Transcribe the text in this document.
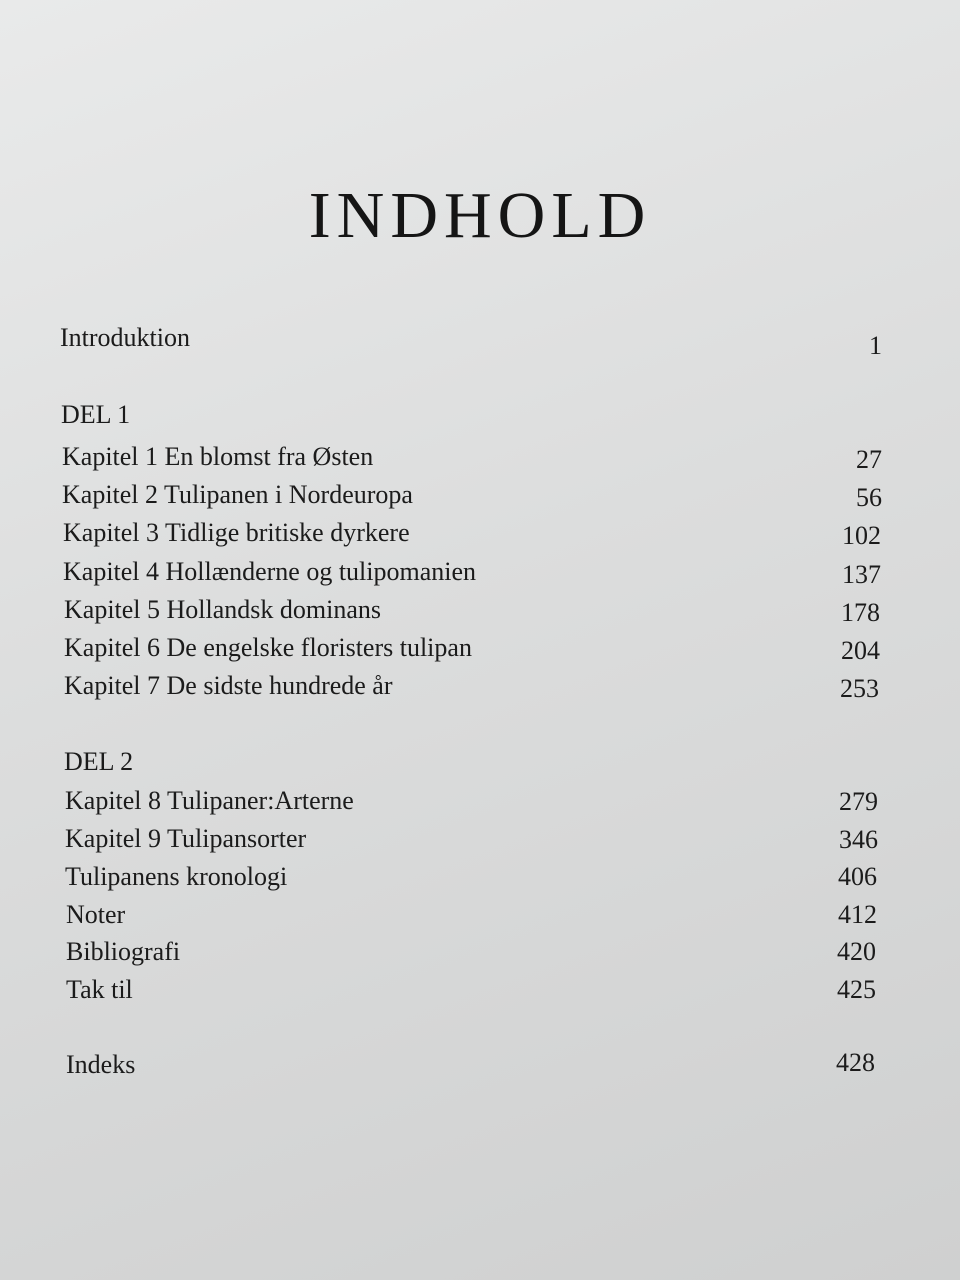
INDHOLD
Introduktion	1
DEL 1
Kapitel 1 En blomst fra Østen	27
Kapitel 2 Tulipanen i Nordeuropa	56
Kapitel 3 Tidlige britiske dyrkere	102
Kapitel 4 Hollænderne og tulipomanien	137
Kapitel 5 Hollandsk dominans	178
Kapitel 6 De engelske floristers tulipan	204
Kapitel 7 De sidste hundrede år	253
DEL 2
Kapitel 8 Tulipaner:Arterne	279
Kapitel 9 Tulipansorter	346
Tulipanens kronologi	406
Noter	412
Bibliografi	420
Tak til	425
Indeks	428
